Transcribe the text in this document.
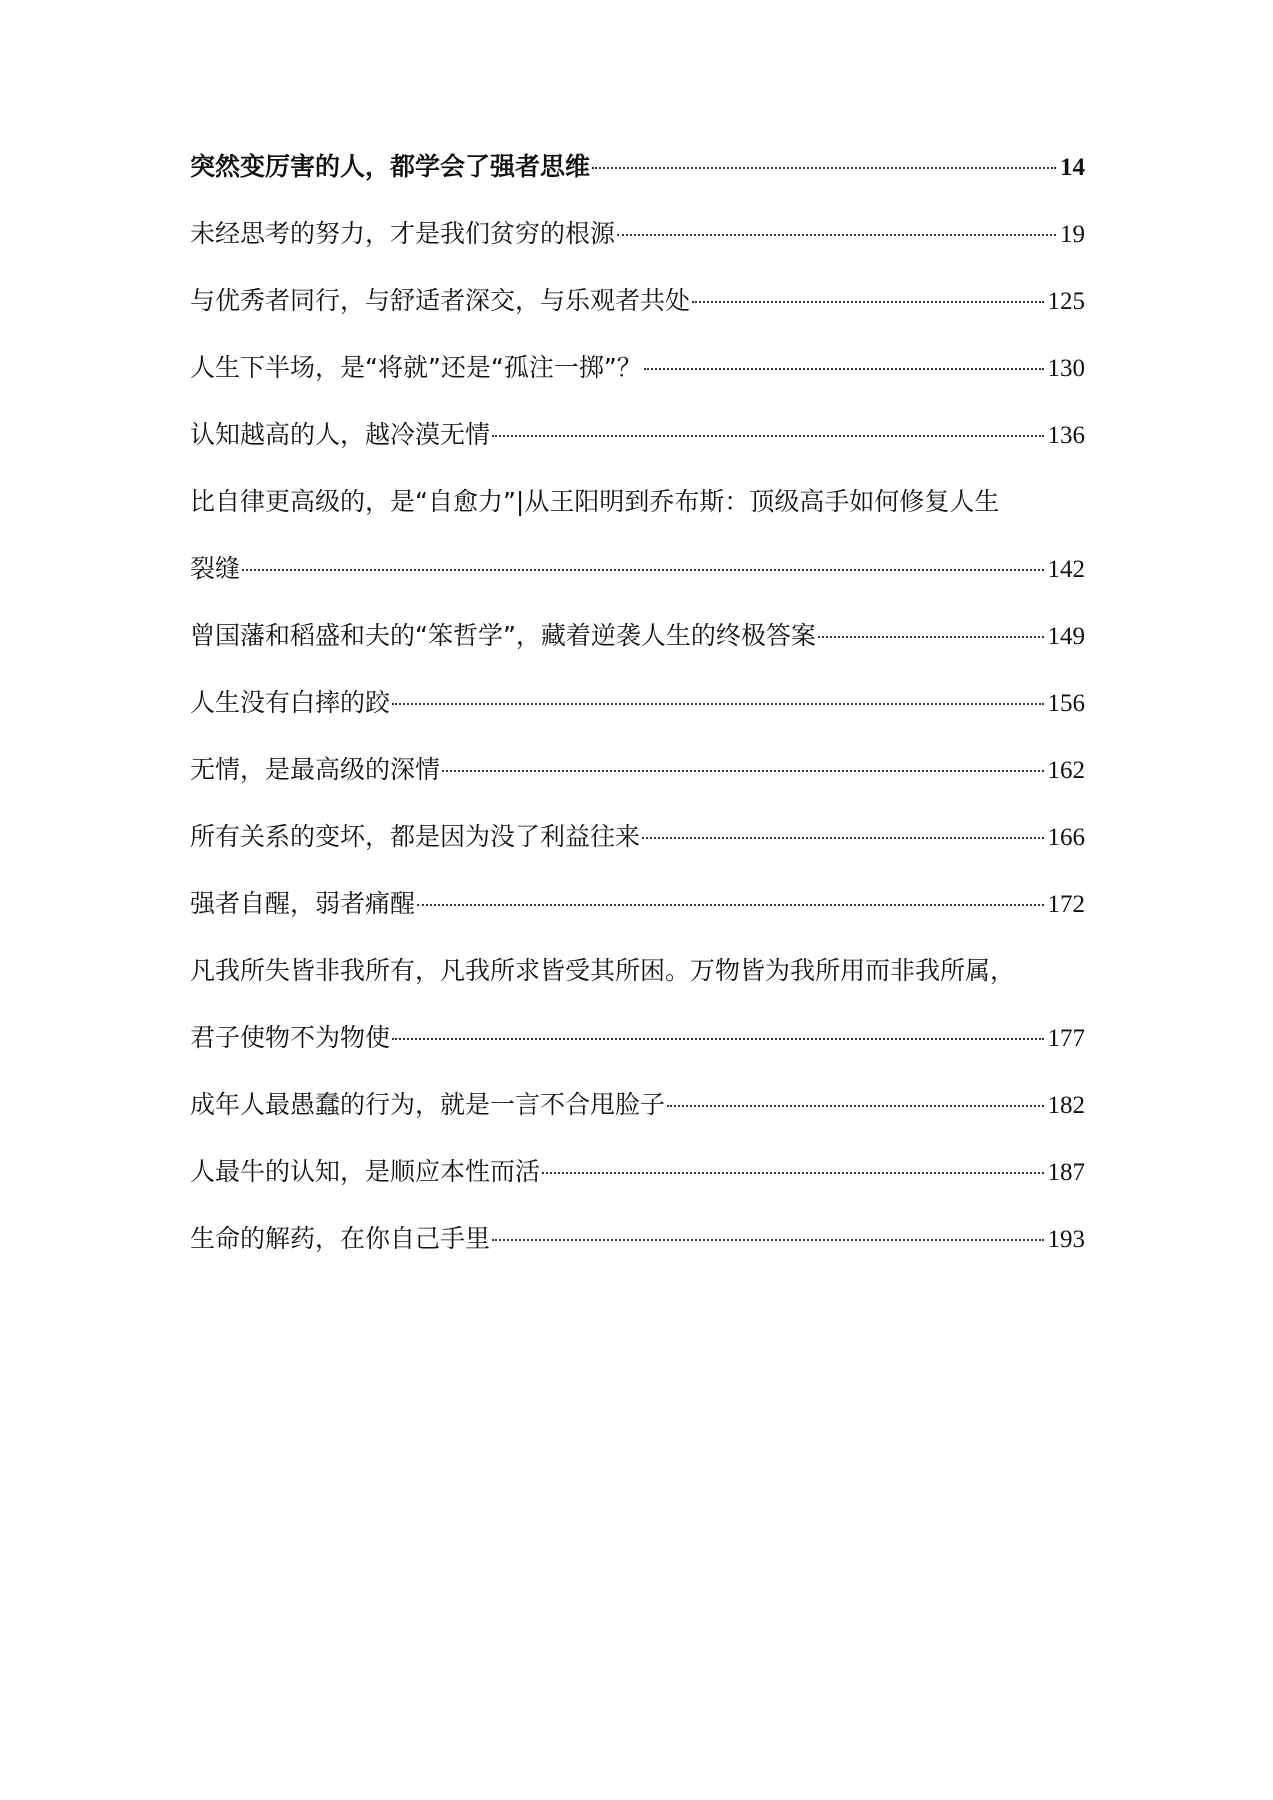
突然变厉害的人，都学会了强者思维	14
未经思考的努力，才是我们贫穷的根源	19
与优秀者同行，与舒适者深交，与乐观者共处	125
人生下半场，是“将就”还是“孤注一掷”？	130
认知越高的人，越冷漠无情	136
比自律更高级的，是“自愈力”|从王阳明到乔布斯：顶级高手如何修复人生
裂缝	142
曾国藩和稻盛和夫的“笨哲学”，藏着逆袭人生的终极答案	149
人生没有白摔的跤	156
无情，是最高级的深情	162
所有关系的变坏，都是因为没了利益往来	166
强者自醒，弱者痛醒	172
凡我所失皆非我所有，凡我所求皆受其所困。万物皆为我所用而非我所属，
君子使物不为物使	177
成年人最愚蠢的行为，就是一言不合甩脸子	182
人最牛的认知，是顺应本性而活	187
生命的解药，在你自己手里	193
